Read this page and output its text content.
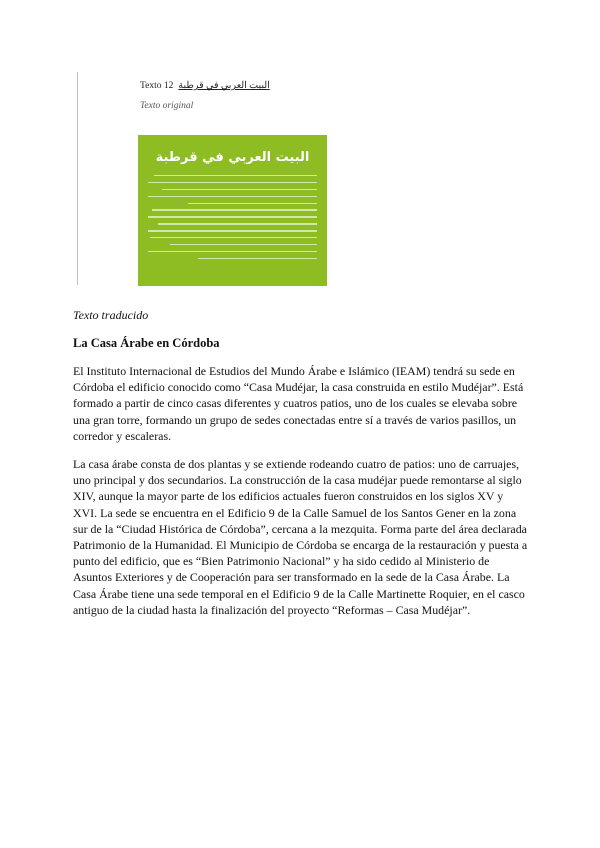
Texto 12 البيت العربي في قرطبة
Texto original
البيت العربي في قرطبة
Texto traducido
La Casa Árabe en Córdoba

El Instituto Internacional de Estudios del Mundo Árabe e Islámico (IEAM) tendrá su sede en Córdoba el edificio conocido como “Casa Mudéjar, la casa construida en estilo Mudéjar”. Está formado a partir de cinco casas diferentes y cuatros patios, uno de los cuales se elevaba sobre una gran torre, formando un grupo de sedes conectadas entre sí a través de varios pasillos, un corredor y escaleras.

La casa árabe consta de dos plantas y se extiende rodeando cuatro de patios: uno de carruajes, uno principal y dos secundarios. La construcción de la casa mudéjar puede remontarse al siglo XIV, aunque la mayor parte de los edificios actuales fueron construidos en los siglos XV y XVI. La sede se encuentra en el Edificio 9 de la Calle Samuel de los Santos Gener en la zona sur de la “Ciudad Histórica de Córdoba”, cercana a la mezquita. Forma parte del área declarada Patrimonio de la Humanidad. El Municipio de Córdoba se encarga de la restauración y puesta a punto del edificio, que es “Bien Patrimonio Nacional” y ha sido cedido al Ministerio de Asuntos Exteriores y de Cooperación para ser transformado en la sede de la Casa Árabe. La Casa Árabe tiene una sede temporal en el Edificio 9 de la Calle Martinette Roquier, en el casco antiguo de la ciudad hasta la finalización del proyecto “Reformas – Casa Mudéjar”.
